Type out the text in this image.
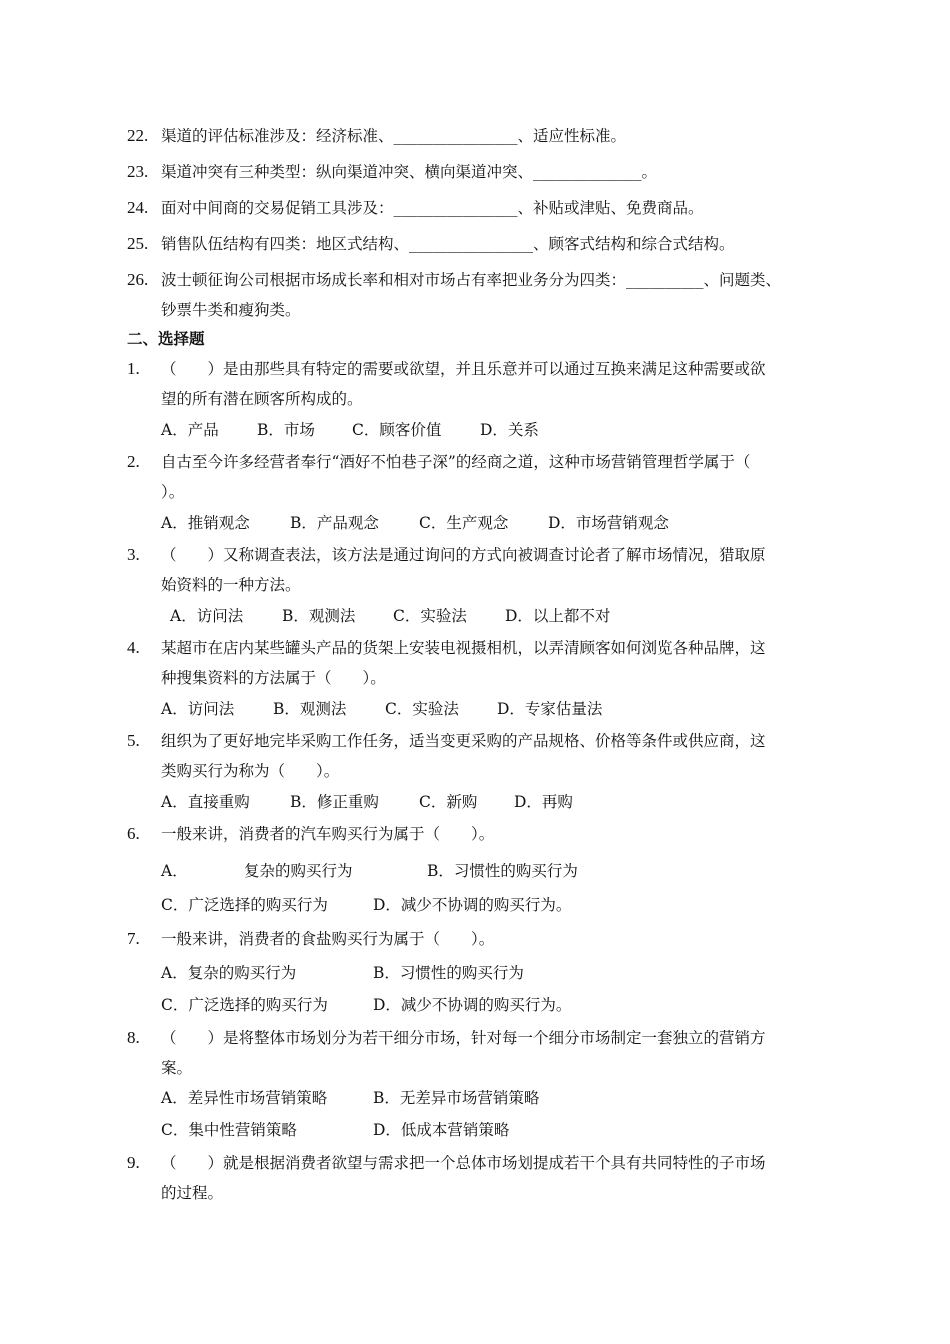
22. 渠道的评估标准涉及：经济标准、________________、适应性标准。
23. 渠道冲突有三种类型：纵向渠道冲突、横向渠道冲突、______________。
24. 面对中间商的交易促销工具涉及：________________、补贴或津贴、免费商品。
25. 销售队伍结构有四类：地区式结构、________________、顾客式结构和综合式结构。
26. 波士顿征询公司根据市场成长率和相对市场占有率把业务分为四类：__________、问题类、
钞票牛类和瘦狗类。
二、选择题
1. （　　）是由那些具有特定的需要或欲望，并且乐意并可以通过互换来满足这种需要或欲
望的所有潜在顾客所构成的。
A．产品 B．市场 C．顾客价值 D．关系
2. 自古至今许多经营者奉行“酒好不怕巷子深”的经商之道，这种市场营销管理哲学属于（
）。
A．推销观念	B．产品观念	C．生产观念	D．市场营销观念
3. （　　）又称调查表法，该方法是通过询问的方式向被调查讨论者了解市场情况，猎取原
始资料的一种方法。
A．访问法	B．观测法 C．实验法 D．以上都不对
4. 某超市在店内某些罐头产品的货架上安装电视摄相机，以弄清顾客如何浏览各种品牌，这
种搜集资料的方法属于（　　）。
A．访问法	B．观测法 C．实验法 D．专家估量法
5. 组织为了更好地完毕采购工作任务，适当变更采购的产品规格、价格等条件或供应商，这
类购买行为称为（　　）。
A．直接重购	B．修正重购	C．新购 D．再购
6. 一般来讲，消费者的汽车购买行为属于（　　）。
A．	复杂的购买行为	B．习惯性的购买行为
C．广泛选择的购买行为	D．减少不协调的购买行为。
7. 一般来讲，消费者的食盐购买行为属于（　　）。
A．复杂的购买行为	B．习惯性的购买行为
C．广泛选择的购买行为	D．减少不协调的购买行为。
8. （　　）是将整体市场划分为若干细分市场，针对每一个细分市场制定一套独立的营销方
案。
A．差异性市场营销策略	B．无差异市场营销策略
C．集中性营销策略	D．低成本营销策略
9. （　　）就是根据消费者欲望与需求把一个总体市场划提成若干个具有共同特性的子市场
的过程。
